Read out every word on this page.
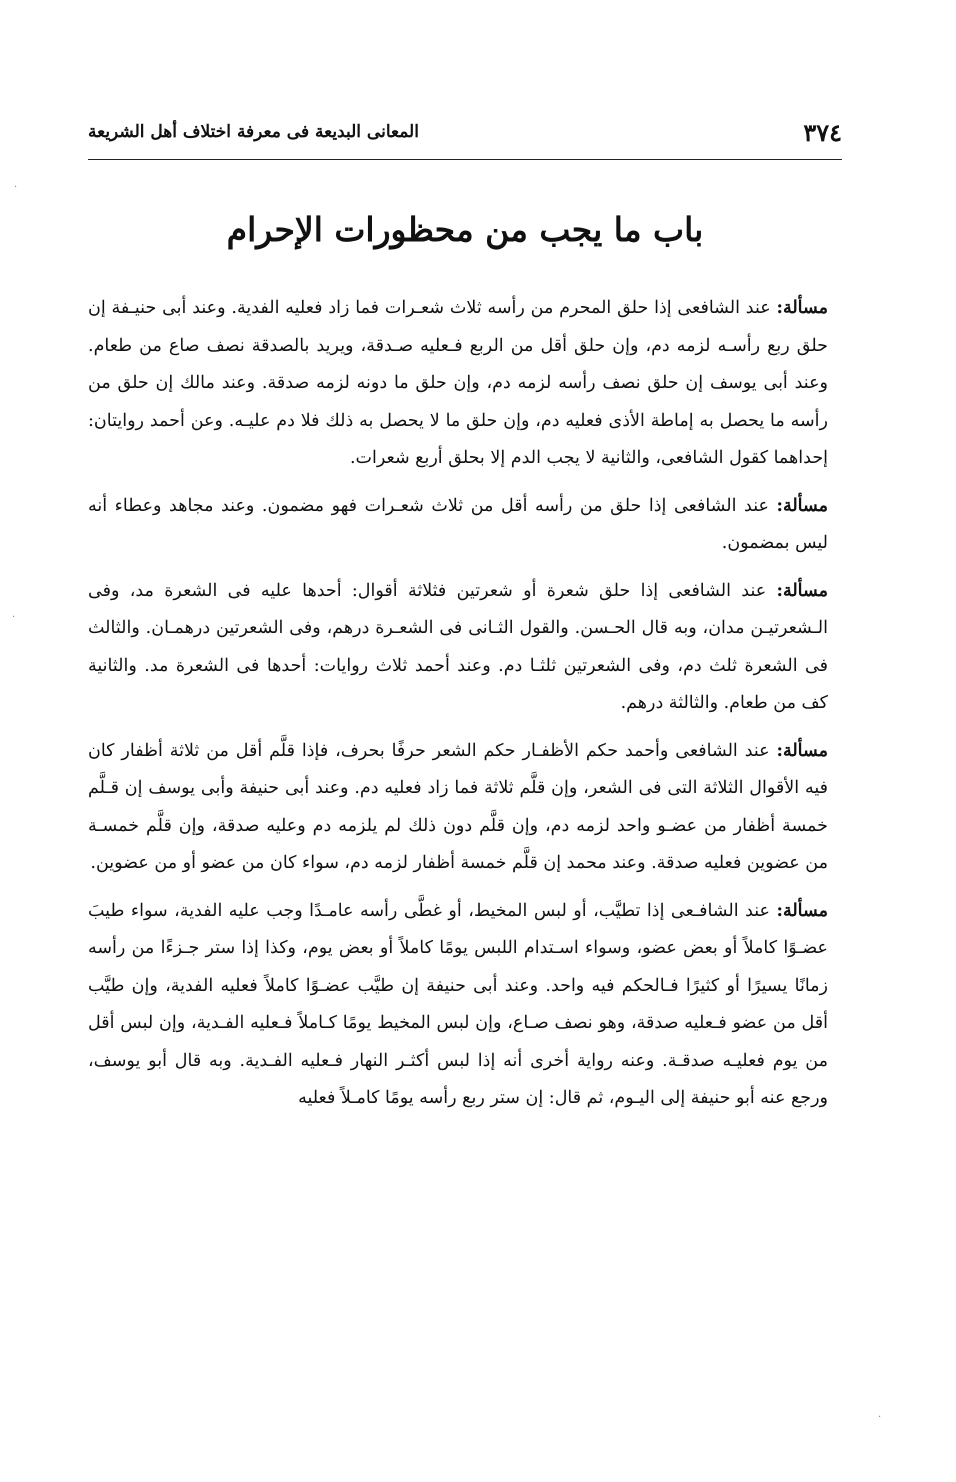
٣٧٤
المعانى البديعة فى معرفة اختلاف أهل الشريعة
باب ما يجب من محظورات الإحرام

مسألة: عند الشافعى إذا حلق المحرم من رأسه ثلاث شعـرات فما زاد فعليه الفدية. وعند أبى حنيـفة إن حلق ربع رأسـه لزمه دم، وإن حلق أقل من الربع فـعليه صـدقة، ويريد بالصدقة نصف صاع من طعام. وعند أبى يوسف إن حلق نصف رأسه لزمه دم، وإن حلق ما دونه لزمه صدقة. وعند مالك إن حلق من رأسه ما يحصل به إماطة الأذى فعليه دم، وإن حلق ما لا يحصل به ذلك فلا دم عليـه. وعن أحمد روايتان: إحداهما كقول الشافعى، والثانية لا يجب الدم إلا بحلق أربع شعرات.

مسألة: عند الشافعى إذا حلق من رأسه أقل من ثلاث شعـرات فهو مضمون. وعند مجاهد وعطاء أنه ليس بمضمون.

مسألة: عند الشافعى إذا حلق شعرة أو شعرتين فثلاثة أقوال: أحدها عليه فى الشعرة مد، وفى الـشعرتيـن مدان، وبه قال الحـسن. والقول الثـانى فى الشعـرة درهم، وفى الشعرتين درهمـان. والثالث فى الشعرة ثلث دم، وفى الشعرتين ثلثـا دم. وعند أحمد ثلاث روايات: أحدها فى الشعرة مد. والثانية كف من طعام. والثالثة درهم.

مسألة: عند الشافعى وأحمد حكم الأظفـار حكم الشعر حرفًا بحرف، فإذا قلَّم أقل من ثلاثة أظفار كان فيه الأقوال الثلاثة التى فى الشعر، وإن قلَّم ثلاثة فما زاد فعليه دم. وعند أبى حنيفة وأبى يوسف إن قـلَّم خمسة أظفار من عضـو واحد لزمه دم، وإن قلَّم دون ذلك لم يلزمه دم وعليه صدقة، وإن قلَّم خمسـة من عضوين فعليه صدقة. وعند محمد إن قلَّم خمسة أظفار لزمه دم، سواء كان من عضو أو من عضوين.

مسألة: عند الشافـعى إذا تطيَّب، أو لبس المخيط، أو غطَّى رأسه عامـدًا وجب عليه الفدية، سواء طيبَ عضـوًا كاملاً أو بعض عضو، وسواء اسـتدام اللبس يومًا كاملاً أو بعض يوم، وكذا إذا ستر جـزءًا من رأسه زمانًا يسيرًا أو كثيرًا فـالحكم فيه واحد. وعند أبى حنيفة إن طيَّب عضـوًا كاملاً فعليه الفدية، وإن طيَّب أقل من عضو فـعليه صدقة، وهو نصف صـاع، وإن لبس المخيط يومًا كـاملاً فـعليه الفـدية، وإن لبس أقل من يوم فعليـه صدقـة. وعنه رواية أخرى أنه إذا لبس أكثـر النهار فـعليه الفـدية. وبه قال أبو يوسف، ورجع عنه أبو حنيفة إلى اليـوم، ثم قال: إن ستر ربع رأسه يومًا كامـلاً فعليه

·
·
·
